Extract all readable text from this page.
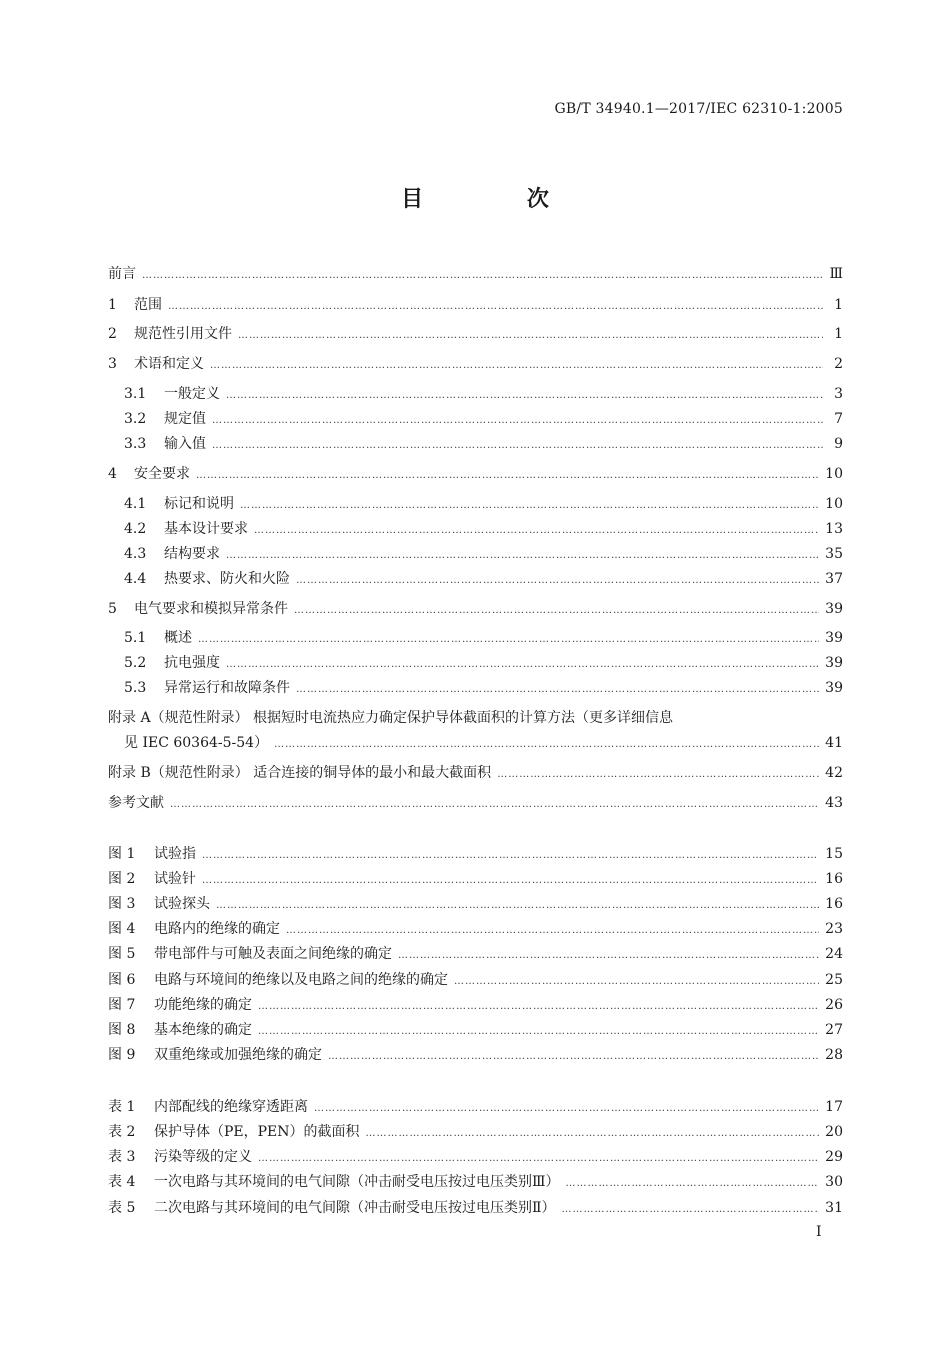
GB/T 34940.1—2017/IEC 62310-1:2005
目 次
前言 …………………………………………………………………………………………………………………………………………………………………………………………………………………………………………………………………………	Ⅲ
1	范围 …………………………………………………………………………………………………………………………………………………………………………………………………………………………………………………………………………	1
2	规范性引用文件 …………………………………………………………………………………………………………………………………………………………………………………………………………………………………………………………………………	1
3	术语和定义 …………………………………………………………………………………………………………………………………………………………………………………………………………………………………………………………………………	2
3.1	一般定义 …………………………………………………………………………………………………………………………………………………………………………………………………………………………………………………………………………	3
3.2	规定值 …………………………………………………………………………………………………………………………………………………………………………………………………………………………………………………………………………	7
3.3	输入值 …………………………………………………………………………………………………………………………………………………………………………………………………………………………………………………………………………	9
4	安全要求 …………………………………………………………………………………………………………………………………………………………………………………………………………………………………………………………………………	10
4.1	标记和说明 …………………………………………………………………………………………………………………………………………………………………………………………………………………………………………………………………………	10
4.2	基本设计要求 …………………………………………………………………………………………………………………………………………………………………………………………………………………………………………………………………………	13
4.3	结构要求 …………………………………………………………………………………………………………………………………………………………………………………………………………………………………………………………………………	35
4.4	热要求、防火和火险 …………………………………………………………………………………………………………………………………………………………………………………………………………………………………………………………………………	37
5	电气要求和模拟异常条件 …………………………………………………………………………………………………………………………………………………………………………………………………………………………………………………………………………	39
5.1	概述 …………………………………………………………………………………………………………………………………………………………………………………………………………………………………………………………………………	39
5.2	抗电强度 …………………………………………………………………………………………………………………………………………………………………………………………………………………………………………………………………………	39
5.3	异常运行和故障条件 …………………………………………………………………………………………………………………………………………………………………………………………………………………………………………………………………………	39
附录 A（规范性附录） 根据短时电流热应力确定保护导体截面积的计算方法（更多详细信息
见 IEC 60364-5-54） …………………………………………………………………………………………………………………………………………………………………………………………………………………………………………………………………………	41
附录 B（规范性附录） 适合连接的铜导体的最小和最大截面积 …………………………………………………………………………………………………………………………………………………………………………………………………………………………………………………………………………	42
参考文献 …………………………………………………………………………………………………………………………………………………………………………………………………………………………………………………………………………	43
图 1	试验指 …………………………………………………………………………………………………………………………………………………………………………………………………………………………………………………………………………	15
图 2	试验针 …………………………………………………………………………………………………………………………………………………………………………………………………………………………………………………………………………	16
图 3	试验探头 …………………………………………………………………………………………………………………………………………………………………………………………………………………………………………………………………………	16
图 4	电路内的绝缘的确定 …………………………………………………………………………………………………………………………………………………………………………………………………………………………………………………………………………	23
图 5	带电部件与可触及表面之间绝缘的确定 …………………………………………………………………………………………………………………………………………………………………………………………………………………………………………………………………………	24
图 6	电路与环境间的绝缘以及电路之间的绝缘的确定 …………………………………………………………………………………………………………………………………………………………………………………………………………………………………………………………………………	25
图 7	功能绝缘的确定 …………………………………………………………………………………………………………………………………………………………………………………………………………………………………………………………………………	26
图 8	基本绝缘的确定 …………………………………………………………………………………………………………………………………………………………………………………………………………………………………………………………………………	27
图 9	双重绝缘或加强绝缘的确定 …………………………………………………………………………………………………………………………………………………………………………………………………………………………………………………………………………	28
表 1	内部配线的绝缘穿透距离 …………………………………………………………………………………………………………………………………………………………………………………………………………………………………………………………………………	17
表 2	保护导体（PE，PEN）的截面积 …………………………………………………………………………………………………………………………………………………………………………………………………………………………………………………………………………	20
表 3	污染等级的定义 …………………………………………………………………………………………………………………………………………………………………………………………………………………………………………………………………………	29
表 4	一次电路与其环境间的电气间隙（冲击耐受电压按过电压类别Ⅲ） …………………………………………………………………………………………………………………………………………………………………………………………………………………………………………………………………………	30
表 5	二次电路与其环境间的电气间隙（冲击耐受电压按过电压类别Ⅱ） …………………………………………………………………………………………………………………………………………………………………………………………………………………………………………………………………………	31
I
